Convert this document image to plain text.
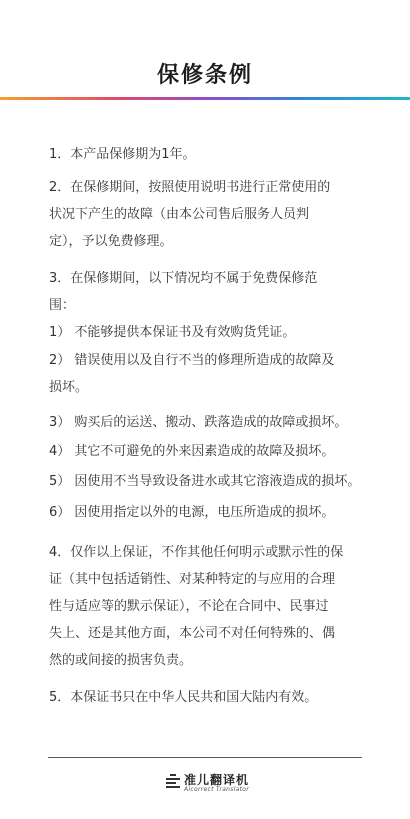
保修条例
1．本产品保修期为1年。
2．在保修期间，按照使用说明书进行正常使用的
状况下产生的故障（由本公司售后服务人员判
定），予以免费修理。
3．在保修期间，以下情况均不属于免费保修范
围：
1） 不能够提供本保证书及有效购货凭证。
2） 错误使用以及自行不当的修理所造成的故障及
损坏。
3） 购买后的运送、搬动、跌落造成的故障或损坏。
4） 其它不可避免的外来因素造成的故障及损坏。
5） 因使用不当导致设备进水或其它溶液造成的损坏。
6） 因使用指定以外的电源，电压所造成的损坏。
4．仅作以上保证，不作其他任何明示或默示性的保
证（其中包括适销性、对某种特定的与应用的合理
性与适应等的默示保证），不论在合同中、民事过
失上、还是其他方面，本公司不对任何特殊的、偶
然的或间接的损害负责。
5．本保证书只在中华人民共和国大陆内有效。
准儿翻译机
Aicorrect Translator
